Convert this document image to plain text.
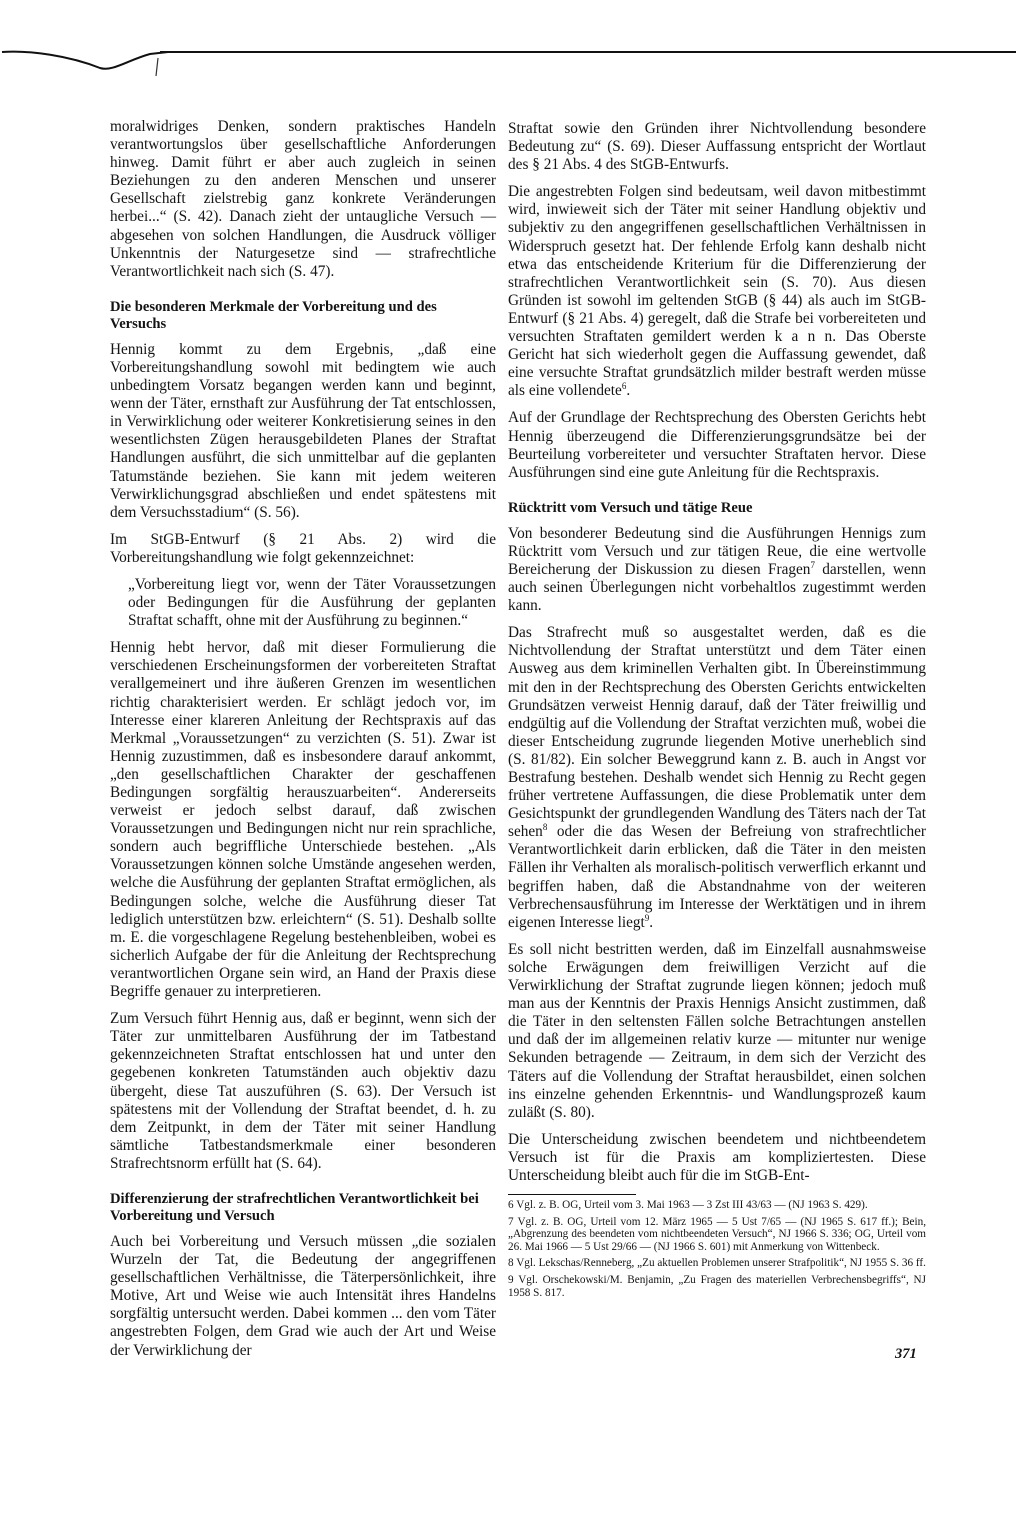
moralwidriges Denken, sondern praktisches Handeln verantwortungslos über gesellschaftliche Anforderungen hinweg. Damit führt er aber auch zugleich in seinen Beziehungen zu den anderen Menschen und unserer Gesellschaft zielstrebig ganz konkrete Veränderungen herbei...“ (S. 42). Danach zieht der untaugliche Versuch — abgesehen von solchen Handlungen, die Ausdruck völliger Unkenntnis der Naturgesetze sind — strafrechtliche Verantwortlichkeit nach sich (S. 47).

Die besonderen Merkmale der Vorbereitung und des Versuchs

Hennig kommt zu dem Ergebnis, „daß eine Vorbereitungshandlung sowohl mit bedingtem wie auch unbedingtem Vorsatz begangen werden kann und beginnt, wenn der Täter, ernsthaft zur Ausführung der Tat entschlossen, in Verwirklichung oder weiterer Konkretisierung seines in den wesentlichsten Zügen herausgebildeten Planes der Straftat Handlungen ausführt, die sich unmittelbar auf die geplanten Tatumstände beziehen. Sie kann mit jedem weiteren Verwirklichungsgrad abschließen und endet spätestens mit dem Versuchsstadium“ (S. 56).

Im StGB-Entwurf (§ 21 Abs. 2) wird die Vorbereitungshandlung wie folgt gekennzeichnet:

„Vorbereitung liegt vor, wenn der Täter Voraussetzungen oder Bedingungen für die Ausführung der geplanten Straftat schafft, ohne mit der Ausführung zu beginnen.“

Hennig hebt hervor, daß mit dieser Formulierung die verschiedenen Erscheinungsformen der vorbereiteten Straftat verallgemeinert und ihre äußeren Grenzen im wesentlichen richtig charakterisiert werden. Er schlägt jedoch vor, im Interesse einer klareren Anleitung der Rechtspraxis auf das Merkmal „Voraussetzungen“ zu verzichten (S. 51). Zwar ist Hennig zuzustimmen, daß es insbesondere darauf ankommt, „den gesellschaftlichen Charakter der geschaffenen Bedingungen sorgfältig herauszuarbeiten“. Andererseits verweist er jedoch selbst darauf, daß zwischen Voraussetzungen und Bedingungen nicht nur rein sprachliche, sondern auch begriffliche Unterschiede bestehen. „Als Voraussetzungen können solche Umstände angesehen werden, welche die Ausführung der geplanten Straftat ermöglichen, als Bedingungen solche, welche die Ausführung dieser Tat lediglich unterstützen bzw. erleichtern“ (S. 51). Deshalb sollte m. E. die vorgeschlagene Regelung bestehenbleiben, wobei es sicherlich Aufgabe der für die Anleitung der Rechtsprechung verantwortlichen Organe sein wird, an Hand der Praxis diese Begriffe genauer zu interpretieren.

Zum Versuch führt Hennig aus, daß er beginnt, wenn sich der Täter zur unmittelbaren Ausführung der im Tatbestand gekennzeichneten Straftat entschlossen hat und unter den gegebenen konkreten Tatumständen auch objektiv dazu übergeht, diese Tat auszuführen (S. 63). Der Versuch ist spätestens mit der Vollendung der Straftat beendet, d. h. zu dem Zeitpunkt, in dem der Täter mit seiner Handlung sämtliche Tatbestandsmerkmale einer besonderen Strafrechtsnorm erfüllt hat (S. 64).

Differenzierung der strafrechtlichen Verantwortlichkeit bei Vorbereitung und Versuch

Auch bei Vorbereitung und Versuch müssen „die sozialen Wurzeln der Tat, die Bedeutung der angegriffenen gesellschaftlichen Verhältnisse, die Täterpersönlichkeit, ihre Motive, Art und Weise wie auch Intensität ihres Handelns sorgfältig untersucht werden. Dabei kommen ... den vom Täter angestrebten Folgen, dem Grad wie auch der Art und Weise der Verwirklichung der

Straftat sowie den Gründen ihrer Nichtvollendung besondere Bedeutung zu“ (S. 69). Dieser Auffassung entspricht der Wortlaut des § 21 Abs. 4 des StGB-Entwurfs.

Die angestrebten Folgen sind bedeutsam, weil davon mitbestimmt wird, inwieweit sich der Täter mit seiner Handlung objektiv und subjektiv zu den angegriffenen gesellschaftlichen Verhältnissen in Widerspruch gesetzt hat. Der fehlende Erfolg kann deshalb nicht etwa das entscheidende Kriterium für die Differenzierung der strafrechtlichen Verantwortlichkeit sein (S. 70). Aus diesen Gründen ist sowohl im geltenden StGB (§ 44) als auch im StGB-Entwurf (§ 21 Abs. 4) geregelt, daß die Strafe bei vorbereiteten und versuchten Straftaten gemildert werden k a n n. Das Oberste Gericht hat sich wiederholt gegen die Auffassung gewendet, daß eine versuchte Straftat grundsätzlich milder bestraft werden müsse als eine vollendete$^6$.

Auf der Grundlage der Rechtsprechung des Obersten Gerichts hebt Hennig überzeugend die Differenzierungsgrundsätze bei der Beurteilung vorbereiteter und versuchter Straftaten hervor. Diese Ausführungen sind eine gute Anleitung für die Rechtspraxis.

Rücktritt vom Versuch und tätige Reue

Von besonderer Bedeutung sind die Ausführungen Hennigs zum Rücktritt vom Versuch und zur tätigen Reue, die eine wertvolle Bereicherung der Diskussion zu diesen Fragen$^7$ darstellen, wenn auch seinen Überlegungen nicht vorbehaltlos zugestimmt werden kann.

Das Strafrecht muß so ausgestaltet werden, daß es die Nichtvollendung der Straftat unterstützt und dem Täter einen Ausweg aus dem kriminellen Verhalten gibt. In Übereinstimmung mit den in der Rechtsprechung des Obersten Gerichts entwickelten Grundsätzen verweist Hennig darauf, daß der Täter freiwillig und endgültig auf die Vollendung der Straftat verzichten muß, wobei die dieser Entscheidung zugrunde liegenden Motive unerheblich sind (S. 81/82). Ein solcher Beweggrund kann z. B. auch in Angst vor Bestrafung bestehen. Deshalb wendet sich Hennig zu Recht gegen früher vertretene Auffassungen, die diese Problematik unter dem Gesichtspunkt der grundlegenden Wandlung des Täters nach der Tat sehen$^8$ oder die das Wesen der Befreiung von strafrechtlicher Verantwortlichkeit darin erblicken, daß die Täter in den meisten Fällen ihr Verhalten als moralisch-politisch verwerflich erkannt und begriffen haben, daß die Abstandnahme von der weiteren Verbrechensausführung im Interesse der Werktätigen und in ihrem eigenen Interesse liegt$^9$.

Es soll nicht bestritten werden, daß im Einzelfall ausnahmsweise solche Erwägungen dem freiwilligen Verzicht auf die Verwirklichung der Straftat zugrunde liegen können; jedoch muß man aus der Kenntnis der Praxis Hennigs Ansicht zustimmen, daß die Täter in den seltensten Fällen solche Betrachtungen anstellen und daß der im allgemeinen relativ kurze — mitunter nur wenige Sekunden betragende — Zeitraum, in dem sich der Verzicht des Täters auf die Vollendung der Straftat herausbildet, einen solchen ins einzelne gehenden Erkenntnis- und Wandlungsprozeß kaum zuläßt (S. 80).

Die Unterscheidung zwischen beendetem und nichtbeendetem Versuch ist für die Praxis am kompliziertesten. Diese Unterscheidung bleibt auch für die im StGB-Ent-

6 Vgl. z. B. OG, Urteil vom 3. Mai 1963 — 3 Zst III 43/63 — (NJ 1963 S. 429).
7 Vgl. z. B. OG, Urteil vom 12. März 1965 — 5 Ust 7/65 — (NJ 1965 S. 617 ff.); Bein, „Abgrenzung des beendeten vom nichtbeendeten Versuch“, NJ 1966 S. 336; OG, Urteil vom 26. Mai 1966 — 5 Ust 29/66 — (NJ 1966 S. 601) mit Anmerkung von Wittenbeck.
8 Vgl. Lekschas/Renneberg, „Zu aktuellen Problemen unserer Strafpolitik“, NJ 1955 S. 36 ff.
9 Vgl. Orschekowski/M. Benjamin, „Zu Fragen des materiellen Verbrechensbegriffs“, NJ 1958 S. 817.
371
